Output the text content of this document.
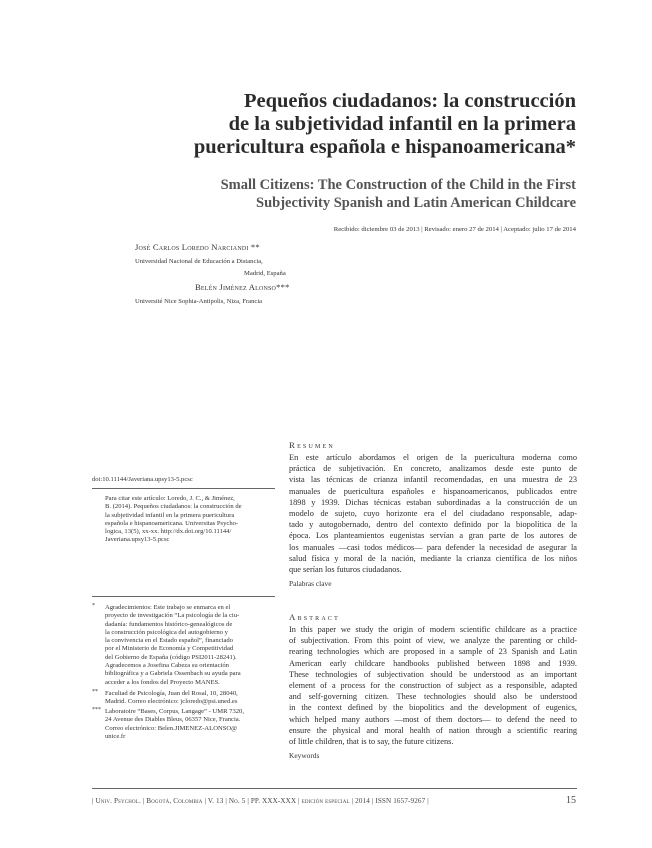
Pequeños ciudadanos: la construcción
de la subjetividad infantil en la primera
puericultura española e hispanoamericana*
Small Citizens: The Construction of the Child in the First
Subjectivity Spanish and Latin American Childcare
Recibido: diciembre 03 de 2013 | Revisado: enero 27 de 2014 | Aceptado: julio 17 de 2014
José Carlos Loredo Narciandi **
Universidad Nacional de Educación a Distancia,
Madrid, España
Belén Jiménez Alonso***
Université Nice Sophia-Antipolis, Niza, Francia
doi:10.11144/Javeriana.upsy13-5.pcsc
Para citar este artículo: Loredo, J. C., & Jiménez,
B. (2014). Pequeños ciudadanos: la construcción de
la subjetividad infantil en la primera puericultura
española e hispanoamericana. Universitas Psycho-
logica, 13(5), xx-xx. http://dx.doi.org/10.11144/
Javeriana.upsy13-5.pcsc
* Agradecimientos: Este trabajo se enmarca en el
proyecto de investigación “La psicología de la ciu-
dadanía: fundamentos histórico-genealógicos de
la construcción psicológica del autogobierno y
la convivencia en el Estado español”, financiado
por el Ministerio de Economía y Competitividad
del Gobierno de España (código PSI2011-28241).
Agradecemos a Josefina Cabeza su orientación
bibliográfica y a Gabriela Ossenbach su ayuda para
acceder a los fondos del Proyecto MANES.
** Facultad de Psicología, Juan del Rosal, 10, 28040,
Madrid. Correo electrónico: jcloredo@psi.uned.es
*** Laboratoire “Bases, Corpus, Langage” - UMR 7320,
24 Avenue des Diables Bleus, 06357 Nice, Francia.
Correo electrónico: Belen.JIMENEZ-ALONSO@
unice.fr
Resumen
En este artículo abordamos el origen de la puericultura moderna como
práctica de subjetivación. En concreto, analizamos desde este punto de
vista las técnicas de crianza infantil recomendadas, en una muestra de 23
manuales de puericultura españoles e hispanoamericanos, publicados entre
1898 y 1939. Dichas técnicas estaban subordinadas a la construcción de un
modelo de sujeto, cuyo horizonte era el del ciudadano responsable, adap-
tado y autogobernado, dentro del contexto definido por la biopolítica de la
época. Los planteamientos eugenistas servían a gran parte de los autores de
los manuales —casi todos médicos— para defender la necesidad de asegurar la
salud física y moral de la nación, mediante la crianza científica de los niños
que serían los futuros ciudadanos.
Palabras clave
Abstract
In this paper we study the origin of modern scientific childcare as a practice
of subjectivation. From this point of view, we analyze the parenting or child-
rearing technologies which are proposed in a sample of 23 Spanish and Latin
American early childcare handbooks published between 1898 and 1939.
These technologies of subjectivation should be understood as an important
element of a process for the construction of subject as a responsible, adapted
and self-governing citizen. These technologies should also be understood
in the context defined by the biopolitics and the development of eugenics,
which helped many authors —most of them doctors— to defend the need to
ensure the physical and moral health of nation through a scientific rearing
of little children, that is to say, the future citizens.
Keywords
| Univ. Psychol. | Bogotá, Colombia | V. 13 | No. 5 | PP. XXX-XXX | edición especial | 2014 | ISSN 1657-9267 |	15
